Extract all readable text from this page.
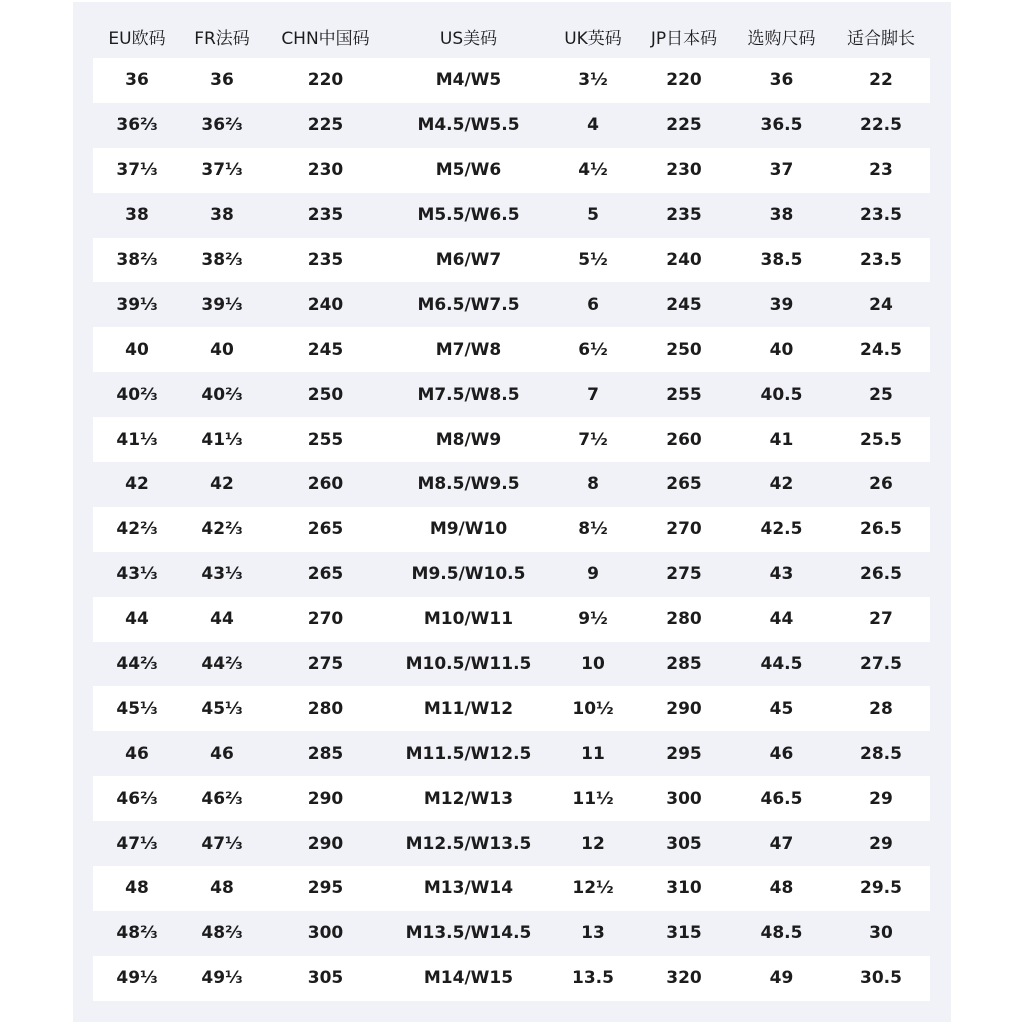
EU欧码	FR法码	CHN中国码	US美码	UK英码	JP日本码	选购尺码	适合脚长
36	36	220	M4/W5	3½	220	36	22
36⅔	36⅔	225	M4.5/W5.5	4	225	36.5	22.5
37⅓	37⅓	230	M5/W6	4½	230	37	23
38	38	235	M5.5/W6.5	5	235	38	23.5
38⅔	38⅔	235	M6/W7	5½	240	38.5	23.5
39⅓	39⅓	240	M6.5/W7.5	6	245	39	24
40	40	245	M7/W8	6½	250	40	24.5
40⅔	40⅔	250	M7.5/W8.5	7	255	40.5	25
41⅓	41⅓	255	M8/W9	7½	260	41	25.5
42	42	260	M8.5/W9.5	8	265	42	26
42⅔	42⅔	265	M9/W10	8½	270	42.5	26.5
43⅓	43⅓	265	M9.5/W10.5	9	275	43	26.5
44	44	270	M10/W11	9½	280	44	27
44⅔	44⅔	275	M10.5/W11.5	10	285	44.5	27.5
45⅓	45⅓	280	M11/W12	10½	290	45	28
46	46	285	M11.5/W12.5	11	295	46	28.5
46⅔	46⅔	290	M12/W13	11½	300	46.5	29
47⅓	47⅓	290	M12.5/W13.5	12	305	47	29
48	48	295	M13/W14	12½	310	48	29.5
48⅔	48⅔	300	M13.5/W14.5	13	315	48.5	30
49⅓	49⅓	305	M14/W15	13.5	320	49	30.5
